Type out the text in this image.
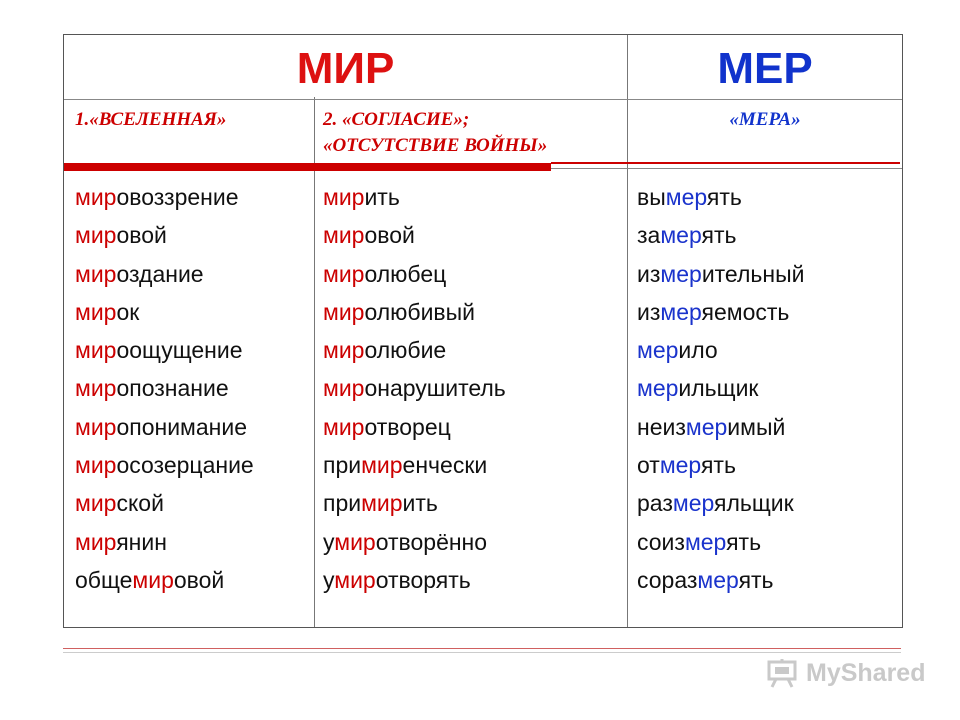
МИР	МЕР
1.«ВСЕЛЕННАЯ»	2. «СОГЛАСИЕ»;
«ОТСУТСТВИЕ ВОЙНЫ»
«МЕРА»
мировоззрение
мировой
мироздание
мирок
мироощущение
миропознание
миропонимание
миросозерцание
мирской
мирянин
общемировой
мирить
мировой
миролюбец
миролюбивый
миролюбие
миронарушитель
миротворец
примиренчески
примирить
умиротворённо
умиротворять
вымерять
замерять
измерительный
измеряемость
мерило
мерильщик
неизмеримый
отмерять
размеряльщик
соизмерять
соразмерять
MyShared
